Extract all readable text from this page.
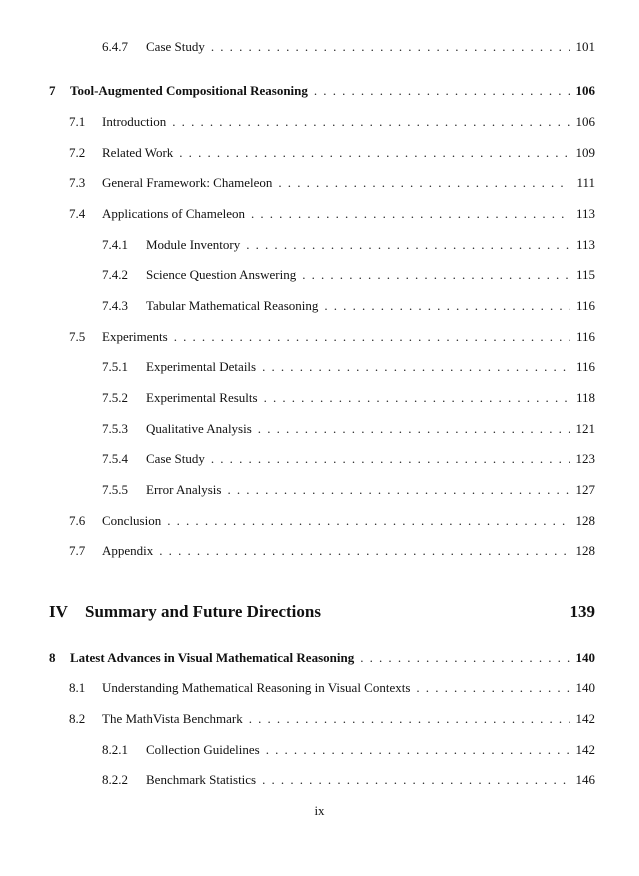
6.4.7	Case Study . . .	101
7	Tool-Augmented Compositional Reasoning . . .	106
7.1	Introduction . . .	106
7.2	Related Work . . .	109
7.3	General Framework: Chameleon . . .	111
7.4	Applications of Chameleon . . .	113
7.4.1	Module Inventory . . .	113
7.4.2	Science Question Answering . . .	115
7.4.3	Tabular Mathematical Reasoning . . .	116
7.5	Experiments . . .	116
7.5.1	Experimental Details . . .	116
7.5.2	Experimental Results . . .	118
7.5.3	Qualitative Analysis . . .	121
7.5.4	Case Study . . .	123
7.5.5	Error Analysis . . .	127
7.6	Conclusion . . .	128
7.7	Appendix . . .	128
IV	Summary and Future Directions	139
8	Latest Advances in Visual Mathematical Reasoning . . .	140
8.1	Understanding Mathematical Reasoning in Visual Contexts . . .	140
8.2	The MathVista Benchmark . . .	142
8.2.1	Collection Guidelines . . .	142
8.2.2	Benchmark Statistics . . .	146
ix
